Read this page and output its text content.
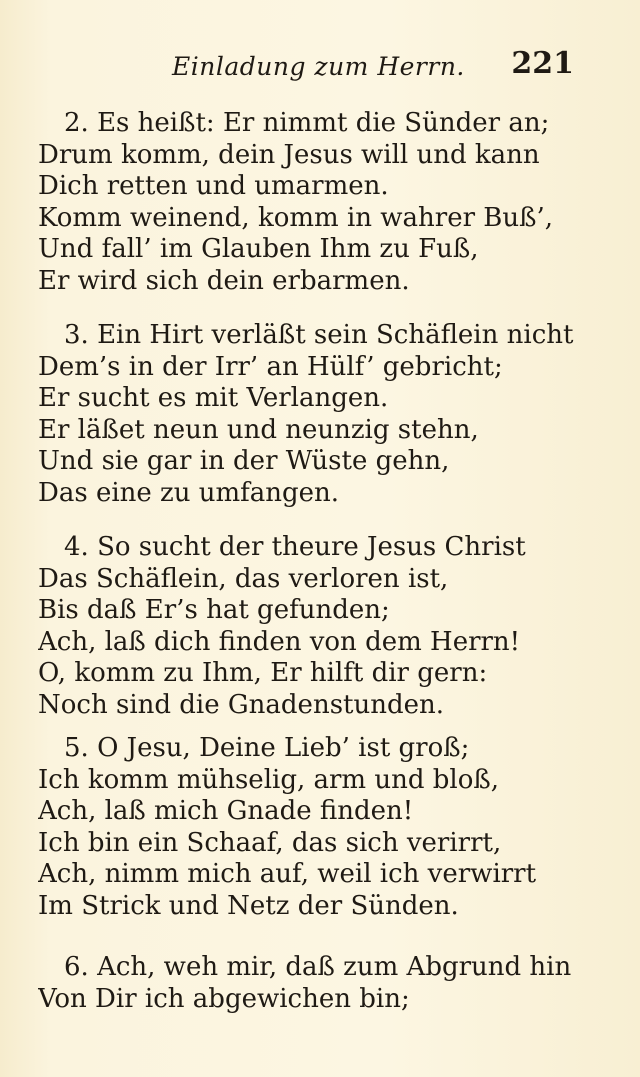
Einladung zum Herrn. 221
2. Es heißt: Er nimmt die Sünder an;
Drum komm, dein Jesus will und kann
Dich retten und umarmen.
Komm weinend, komm in wahrer Buß’,
Und fall’ im Glauben Ihm zu Fuß,
Er wird sich dein erbarmen.
3. Ein Hirt verläßt sein Schäflein nicht
Dem’s in der Irr’ an Hülf’ gebricht;
Er sucht es mit Verlangen.
Er läßet neun und neunzig stehn,
Und sie gar in der Wüste gehn,
Das eine zu umfangen.
4. So sucht der theure Jesus Christ
Das Schäflein, das verloren ist,
Bis daß Er’s hat gefunden;
Ach, laß dich finden von dem Herrn!
O, komm zu Ihm, Er hilft dir gern:
Noch sind die Gnadenstunden.
5. O Jesu, Deine Lieb’ ist groß;
Ich komm mühselig, arm und bloß,
Ach, laß mich Gnade finden!
Ich bin ein Schaaf, das sich verirrt,
Ach, nimm mich auf, weil ich verwirrt
Im Strick und Netz der Sünden.
6. Ach, weh mir, daß zum Abgrund hin
Von Dir ich abgewichen bin;
